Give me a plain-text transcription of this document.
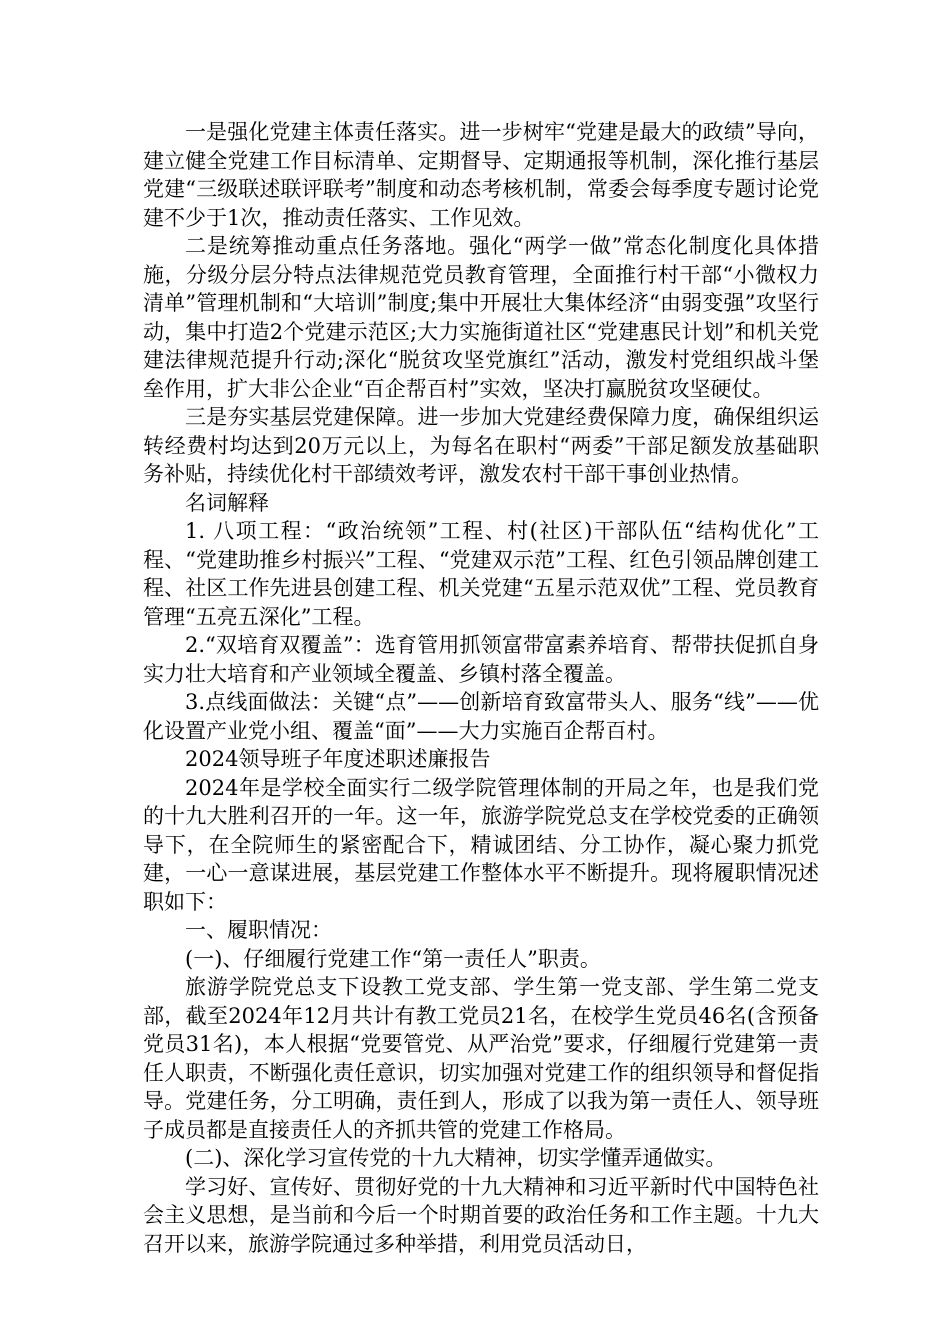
一是强化党建主体责任落实。进一步树牢“党建是最大的政绩”导向，建立健全党建工作目标清单、定期督导、定期通报等机制，深化推行基层党建“三级联述联评联考”制度和动态考核机制，常委会每季度专题讨论党建不少于1次，推动责任落实、工作见效。

二是统筹推动重点任务落地。强化“两学一做”常态化制度化具体措施，分级分层分特点法律规范党员教育管理，全面推行村干部“小微权力清单”管理机制和“大培训”制度;集中开展壮大集体经济“由弱变强”攻坚行动，集中打造2个党建示范区;大力实施街道社区“党建惠民计划”和机关党建法律规范提升行动;深化“脱贫攻坚党旗红”活动，激发村党组织战斗堡垒作用，扩大非公企业“百企帮百村”实效，坚决打赢脱贫攻坚硬仗。

三是夯实基层党建保障。进一步加大党建经费保障力度，确保组织运转经费村均达到20万元以上，为每名在职村“两委”干部足额发放基础职务补贴，持续优化村干部绩效考评，激发农村干部干事创业热情。

名词解释

1. 八项工程：“政治统领”工程、村(社区)干部队伍“结构优化”工程、“党建助推乡村振兴”工程、“党建双示范”工程、红色引领品牌创建工程、社区工作先进县创建工程、机关党建“五星示范双优”工程、党员教育管理“五亮五深化”工程。

2.“双培育双覆盖”：选育管用抓领富带富素养培育、帮带扶促抓自身实力壮大培育和产业领域全覆盖、乡镇村落全覆盖。

3.点线面做法：关键“点”——创新培育致富带头人、服务“线”——优化设置产业党小组、覆盖“面”——大力实施百企帮百村。

2024领导班子年度述职述廉报告

2024年是学校全面实行二级学院管理体制的开局之年，也是我们党的十九大胜利召开的一年。这一年，旅游学院党总支在学校党委的正确领导下，在全院师生的紧密配合下，精诚团结、分工协作，凝心聚力抓党建，一心一意谋进展，基层党建工作整体水平不断提升。现将履职情况述职如下：

一、履职情况：

(一)、仔细履行党建工作“第一责任人”职责。

旅游学院党总支下设教工党支部、学生第一党支部、学生第二党支部，截至2024年12月共计有教工党员21名，在校学生党员46名(含预备党员31名)，本人根据“党要管党、从严治党”要求，仔细履行党建第一责任人职责，不断强化责任意识，切实加强对党建工作的组织领导和督促指导。党建任务，分工明确，责任到人，形成了以我为第一责任人、领导班子成员都是直接责任人的齐抓共管的党建工作格局。

(二)、深化学习宣传党的十九大精神，切实学懂弄通做实。

学习好、宣传好、贯彻好党的十九大精神和习近平新时代中国特色社会主义思想，是当前和今后一个时期首要的政治任务和工作主题。十九大召开以来，旅游学院通过多种举措，利用党员活动日，
